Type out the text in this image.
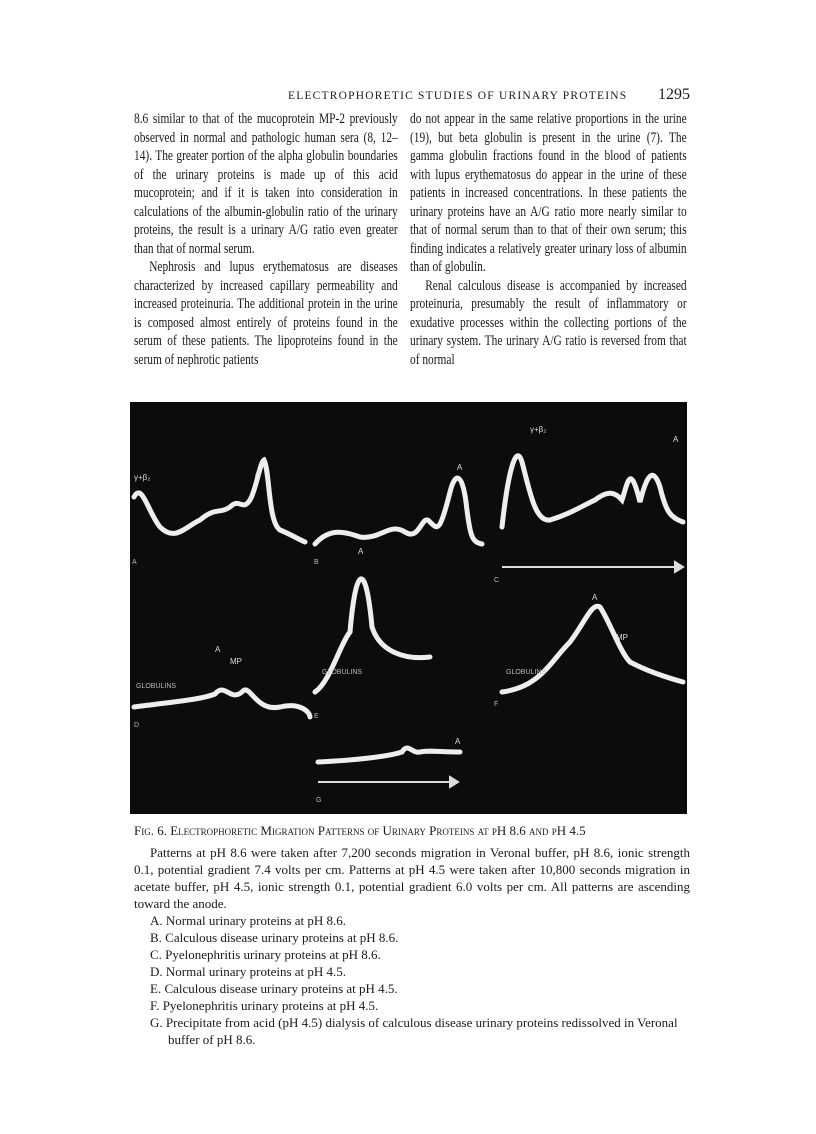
ELECTROPHORETIC STUDIES OF URINARY PROTEINS 1295

8.6 similar to that of the mucoprotein MP-2 previously observed in normal and pathologic human sera (8, 12–14). The greater portion of the alpha globulin boundaries of the urinary proteins is made up of this acid mucoprotein; and if it is taken into consideration in calculations of the albumin-globulin ratio of the urinary proteins, the result is a urinary A/G ratio even greater than that of normal serum.

Nephrosis and lupus erythematosus are diseases characterized by increased capillary permeability and increased proteinuria. The additional protein in the urine is composed almost entirely of proteins found in the serum of these patients. The lipoproteins found in the serum of nephrotic patients

do not appear in the same relative proportions in the urine (19), but beta globulin is present in the urine (7). The gamma globulin fractions found in the blood of patients with lupus erythematosus do appear in the urine of these patients in increased concentrations. In these patients the urinary proteins have an A/G ratio more nearly similar to that of normal serum than to that of their own serum; this finding indicates a relatively greater urinary loss of albumin than of globulin.

Renal calculous disease is accompanied by increased proteinuria, presumably the result of inflammatory or exudative processes within the collecting portions of the urinary system. The urinary A/G ratio is reversed from that of normal

A
A
A
A
A
A
A
γ+β₂
γ+β₂
GLOBULINS
GLOBULINS	GLOBULINS
MP
MP
A	B
C
D
E
F
G
Fig. 6. Electrophoretic Migration Patterns of Urinary Proteins at pH 8.6 and pH 4.5
Patterns at pH 8.6 were taken after 7,200 seconds migration in Veronal buffer, pH 8.6, ionic strength 0.1, potential gradient 7.4 volts per cm. Patterns at pH 4.5 were taken after 10,800 seconds migration in acetate buffer, pH 4.5, ionic strength 0.1, potential gradient 6.0 volts per cm. All patterns are ascending toward the anode.
A. Normal urinary proteins at pH 8.6.
B. Calculous disease urinary proteins at pH 8.6.
C. Pyelonephritis urinary proteins at pH 8.6.
D. Normal urinary proteins at pH 4.5.
E. Calculous disease urinary proteins at pH 4.5.
F. Pyelonephritis urinary proteins at pH 4.5.
G. Precipitate from acid (pH 4.5) dialysis of calculous disease urinary proteins redissolved in Veronal buffer of pH 8.6.
